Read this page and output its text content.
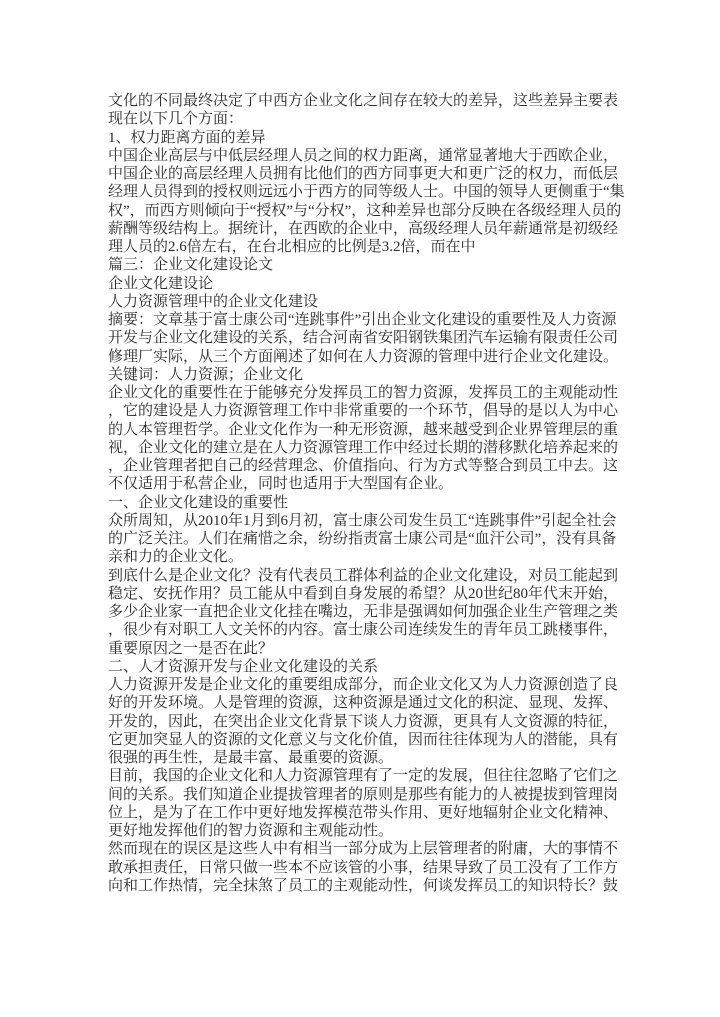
文化的不同最终决定了中西方企业文化之间存在较大的差异，这些差异主要表
现在以下几个方面：
1、权力距离方面的差异
中国企业高层与中低层经理人员之间的权力距离，通常显著地大于西欧企业，
中国企业的高层经理人员拥有比他们的西方同事更大和更广泛的权力，而低层
经理人员得到的授权则远远小于西方的同等级人士。中国的领导人更侧重于“集
权”，而西方则倾向于“授权”与“分权”，这种差异也部分反映在各级经理人员的
薪酬等级结构上。据统计，在西欧的企业中，高级经理人员年薪通常是初级经
理人员的2.6倍左右，在台北相应的比例是3.2倍，而在中
篇三：企业文化建设论文
企业文化建设论
人力资源管理中的企业文化建设
摘要：文章基于富士康公司“连跳事件”引出企业文化建设的重要性及人力资源
开发与企业文化建设的关系，结合河南省安阳钢铁集团汽车运输有限责任公司
修理厂实际，从三个方面阐述了如何在人力资源的管理中进行企业文化建设。
关键词：人力资源；企业文化
企业文化的重要性在于能够充分发挥员工的智力资源，发挥员工的主观能动性
，它的建设是人力资源管理工作中非常重要的一个环节，倡导的是以人为中心
的人本管理哲学。企业文化作为一种无形资源，越来越受到企业界管理层的重
视，企业文化的建立是在人力资源管理工作中经过长期的潜移默化培养起来的
，企业管理者把自己的经营理念、价值指向、行为方式等整合到员工中去。这
不仅适用于私营企业，同时也适用于大型国有企业。
一、企业文化建设的重要性
众所周知，从2010年1月到6月初，富士康公司发生员工“连跳事件”引起全社会
的广泛关注。人们在痛惜之余，纷纷指责富士康公司是“血汗公司”，没有具备
亲和力的企业文化。
到底什么是企业文化？没有代表员工群体利益的企业文化建设，对员工能起到
稳定、安抚作用？员工能从中看到自身发展的希望？从20世纪80年代末开始，
多少企业家一直把企业文化挂在嘴边，无非是强调如何加强企业生产管理之类
，很少有对职工人文关怀的内容。富士康公司连续发生的青年员工跳楼事件，
重要原因之一是否在此？
二、人才资源开发与企业文化建设的关系
人力资源开发是企业文化的重要组成部分，而企业文化又为人力资源创造了良
好的开发环境。人是管理的资源，这种资源是通过文化的积淀、显现、发挥、
开发的，因此，在突出企业文化背景下谈人力资源，更具有人文资源的特征，
它更加突显人的资源的文化意义与文化价值，因而往往体现为人的潜能，具有
很强的再生性，是最丰富、最重要的资源。
目前，我国的企业文化和人力资源管理有了一定的发展，但往往忽略了它们之
间的关系。我们知道企业提拔管理者的原则是那些有能力的人被提拔到管理岗
位上，是为了在工作中更好地发挥模范带头作用、更好地辐射企业文化精神、
更好地发挥他们的智力资源和主观能动性。
然而现在的误区是这些人中有相当一部分成为上层管理者的附庸，大的事情不
敢承担责任，日常只做一些本不应该管的小事，结果导致了员工没有了工作方
向和工作热情，完全抹煞了员工的主观能动性，何谈发挥员工的知识特长？鼓
